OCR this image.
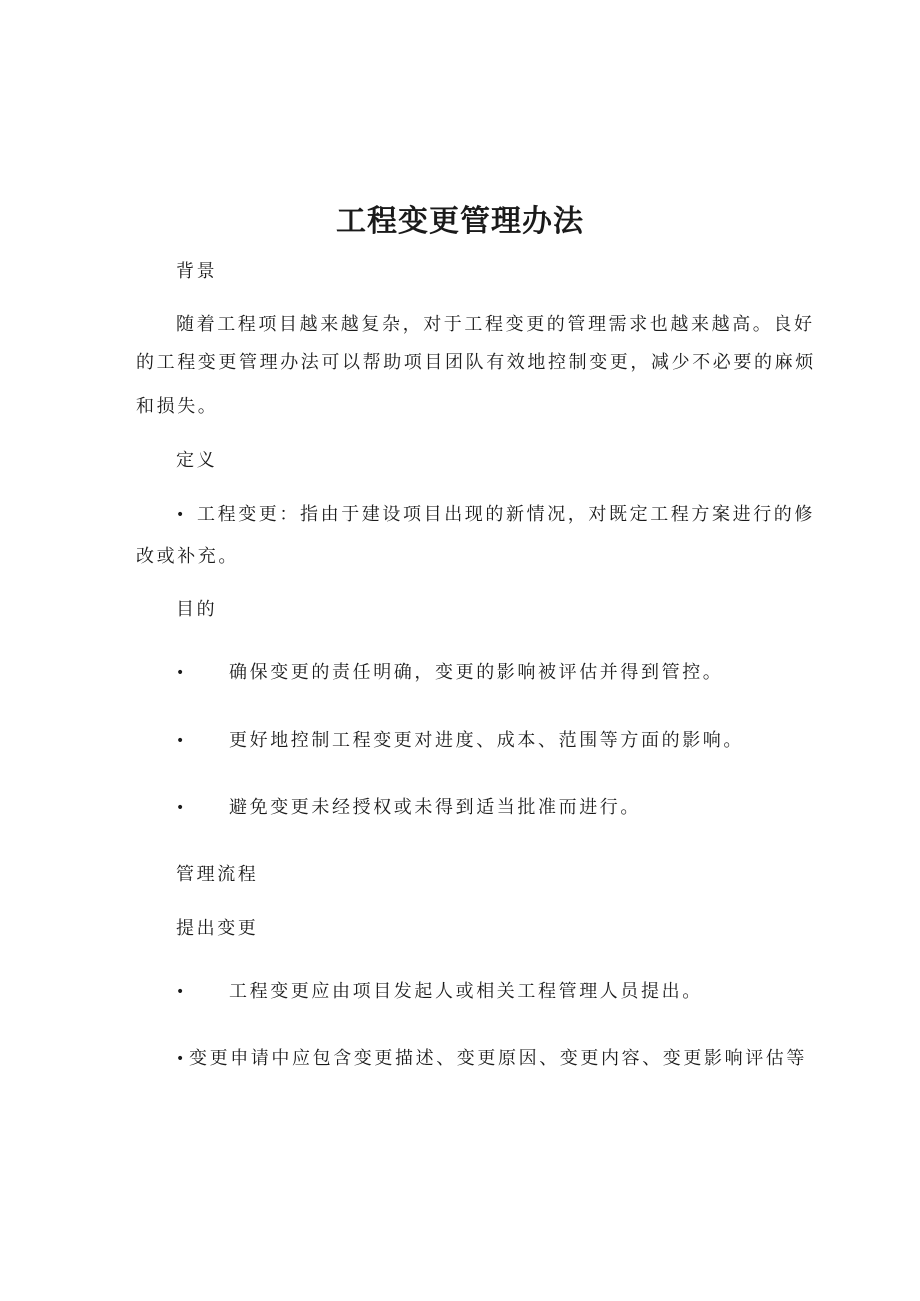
工程变更管理办法
背景
随着工程项目越来越复杂，对于工程变更的管理需求也越来越高。良好
的工程变更管理办法可以帮助项目团队有效地控制变更，减少不必要的麻烦
和损失。
定义
• 工程变更：指由于建设项目出现的新情况，对既定工程方案进行的修
改或补充。
目的
• 确保变更的责任明确，变更的影响被评估并得到管控。
• 更好地控制工程变更对进度、成本、范围等方面的影响。
• 避免变更未经授权或未得到适当批准而进行。
管理流程
提出变更
• 工程变更应由项目发起人或相关工程管理人员提出。
• 变更申请中应包含变更描述、变更原因、变更内容、变更影响评估等
